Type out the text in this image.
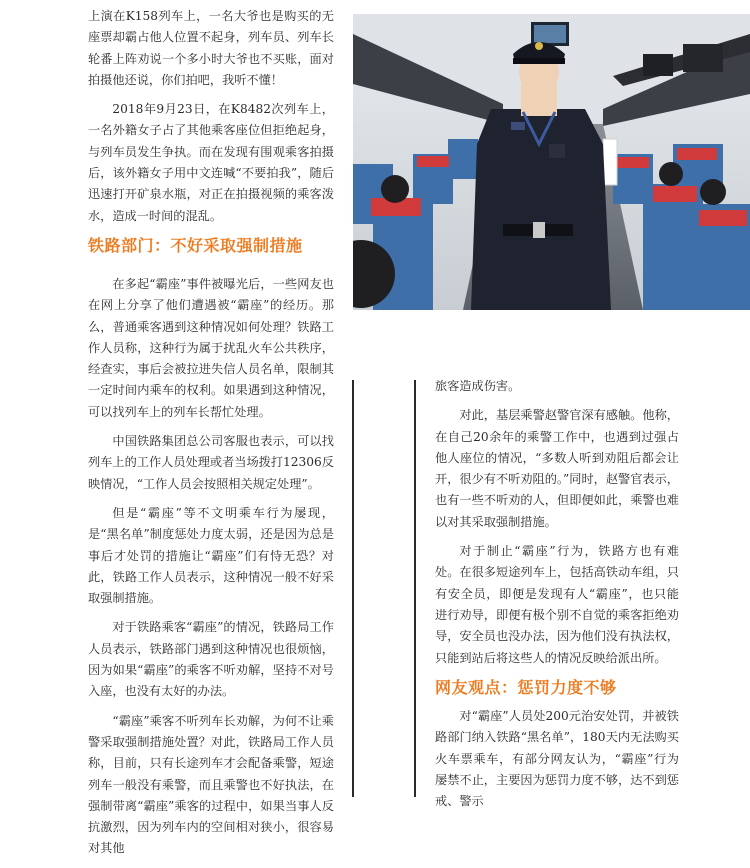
上演在K158列车上，一名大爷也是购买的无座票却霸占他人位置不起身，列车员、列车长轮番上阵劝说一个多小时大爷也不买账，面对拍摄他还说，你们拍吧，我听不懂！

2018年9月23日，在K8482次列车上，一名外籍女子占了其他乘客座位但拒绝起身，与列车员发生争执。而在发现有围观乘客拍摄后，该外籍女子用中文连喊“不要拍我”，随后迅速打开矿泉水瓶，对正在拍摄视频的乘客泼水，造成一时间的混乱。

铁路部门：不好采取强制措施

在多起“霸座”事件被曝光后，一些网友也在网上分享了他们遭遇被“霸座”的经历。那么，普通乘客遇到这种情况如何处理？铁路工作人员称，这种行为属于扰乱火车公共秩序，经查实，事后会被拉进失信人员名单，限制其一定时间内乘车的权利。如果遇到这种情况，可以找列车上的列车长帮忙处理。

中国铁路集团总公司客服也表示，可以找列车上的工作人员处理或者当场拨打12306反映情况，“工作人员会按照相关规定处理”。

但是“霸座”等不文明乘车行为屡现，是“黑名单”制度惩处力度太弱，还是因为总是事后才处罚的措施让“霸座”们有恃无恐？对此，铁路工作人员表示，这种情况一般不好采取强制措施。

对于铁路乘客“霸座”的情况，铁路局工作人员表示，铁路部门遇到这种情况也很烦恼，因为如果“霸座”的乘客不听劝解，坚持不对号入座，也没有太好的办法。

“霸座”乘客不听列车长劝解，为何不让乘警采取强制措施处置？对此，铁路局工作人员称，目前，只有长途列车才会配备乘警，短途列车一般没有乘警，而且乘警也不好执法，在强制带离“霸座”乘客的过程中，如果当事人反抗激烈，因为列车内的空间相对狭小，很容易对其他

旅客造成伤害。

对此，基层乘警赵警官深有感触。他称，在自己20余年的乘警工作中，也遇到过强占他人座位的情况，“多数人听到劝阻后都会让开，很少有不听劝阻的。”同时，赵警官表示，也有一些不听劝的人，但即便如此，乘警也难以对其采取强制措施。

对于制止“霸座”行为，铁路方也有难处。在很多短途列车上，包括高铁动车组，只有安全员，即便是发现有人“霸座”，也只能进行劝导，即便有极个别不自觉的乘客拒绝劝导，安全员也没办法，因为他们没有执法权，只能到站后将这些人的情况反映给派出所。

网友观点：惩罚力度不够

对“霸座”人员处200元治安处罚，并被铁路部门纳入铁路“黑名单”，180天内无法购买火车票乘车，有部分网友认为，“霸座”行为屡禁不止，主要因为惩罚力度不够，达不到惩戒、警示
